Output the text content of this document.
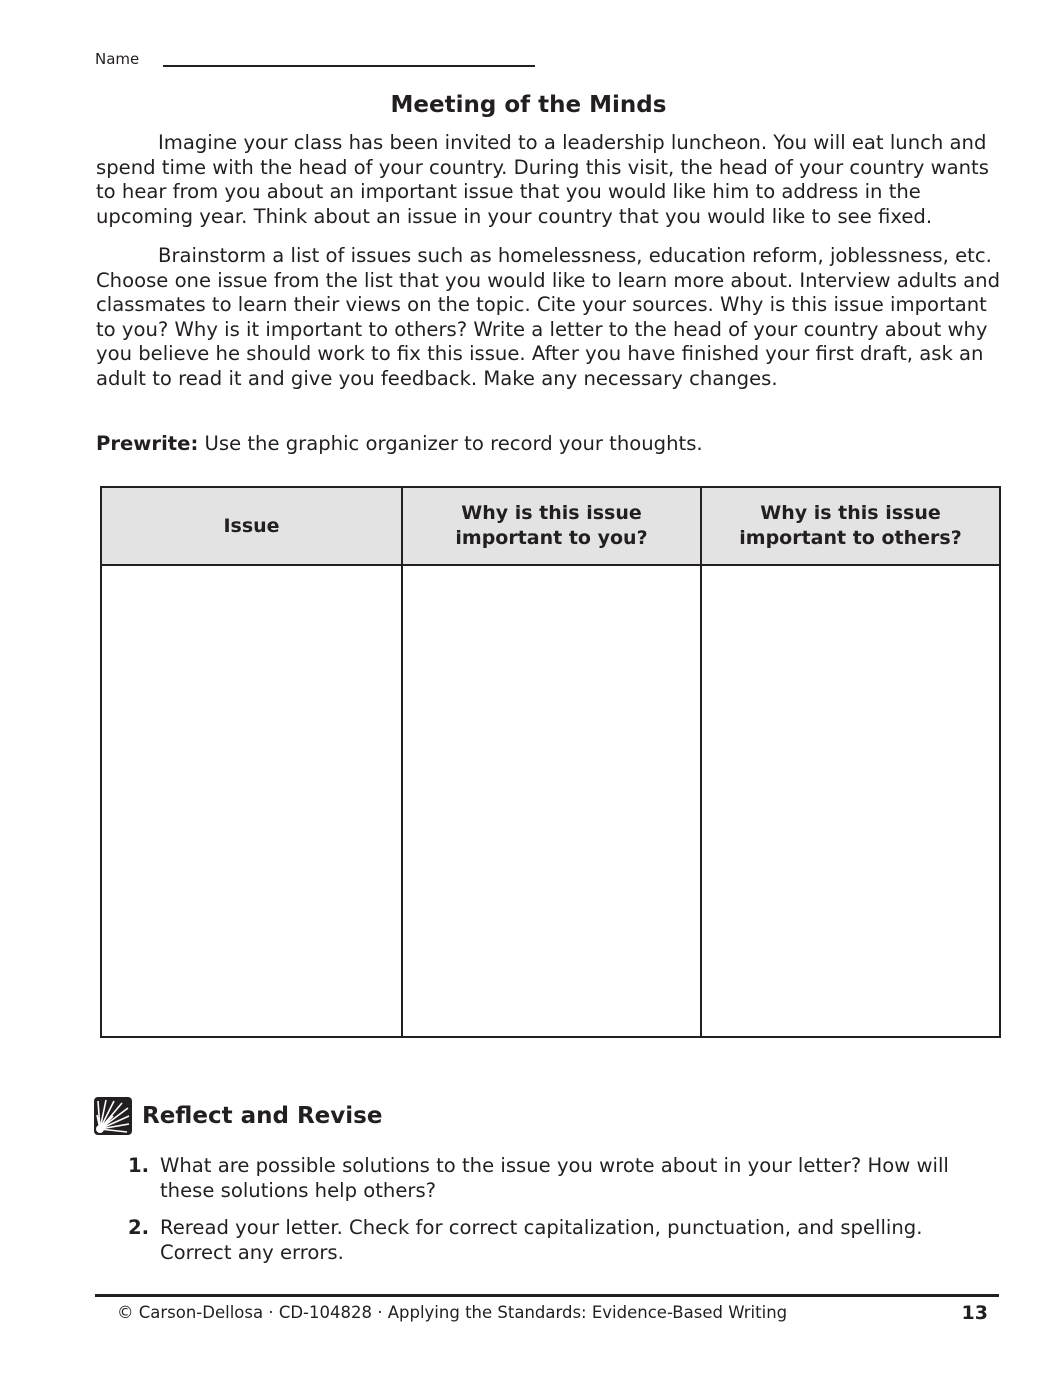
Name
Meeting of the Minds

Imagine your class has been invited to a leadership luncheon. You will eat lunch and spend time with the head of your country. During this visit, the head of your country wants to hear from you about an important issue that you would like him to address in the upcoming year. Think about an issue in your country that you would like to see fixed.

Brainstorm a list of issues such as homelessness, education reform, joblessness, etc. Choose one issue from the list that you would like to learn more about. Interview adults and classmates to learn their views on the topic. Cite your sources. Why is this issue important to you? Why is it important to others? Write a letter to the head of your country about why you believe he should work to fix this issue. After you have finished your first draft, ask an adult to read it and give you feedback. Make any necessary changes.

Prewrite: Use the graphic organizer to record your thoughts.
Issue
Why is this issue
important to you?
Why is this issue
important to others?
Reflect and Revise
1. What are possible solutions to the issue you wrote about in your letter? How will these solutions help others?
2. Reread your letter. Check for correct capitalization, punctuation, and spelling. Correct any errors.
© Carson-Dellosa · CD-104828 · Applying the Standards: Evidence-Based Writing	13
